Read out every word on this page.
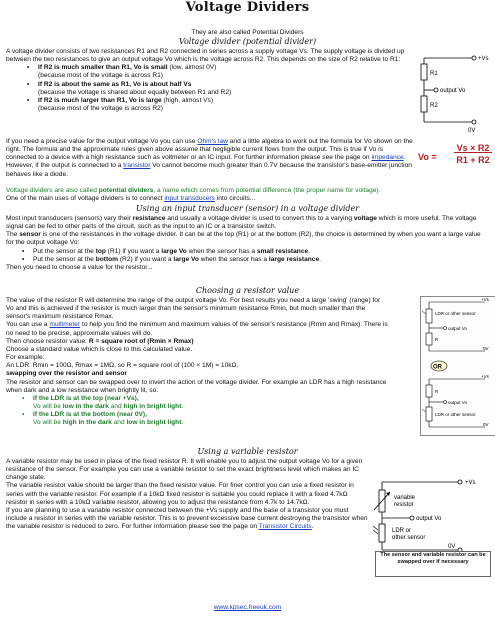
Voltage Dividers
They are also called Potential Dividers
Voltage divider (potential divider)

A voltage divider consists of two resistances R1 and R2 connected in series across a supply voltage Vs. The supply voltage is divided up between the two resistances to give an output voltage Vo which is the voltage across R2. This depends on the size of R2 relative to R1:

• If R2 is much smaller than R1, Vo is small (low, almost 0V)
(because most of the voltage is across R1)
• If R2 is about the same as R1, Vo is about half Vs
(because the voltage is shared about equally between R1 and R2)
• If R2 is much larger than R1, Vo is large (high, almost Vs)
(because most of the voltage is across R2)
If you need a precise value for the output voltage Vo you can use Ohm's law and a little algebra to work out the formula for Vo shown on the right. The formula and the approximate rules given above assume that negligible current flows from the output. This is true if Vo is connected to a device with a high resistance such as voltmeter or an IC input. For further information please see the page on impedance. However, if the output is connected to a transistor Vo cannot become much greater than 0.7V because the transistor's base-emitter junction behaves like a diode.
Voltage dividers are also called potential dividers, a name which comes from potential difference (the proper name for voltage).
One of the main uses of voltage dividers is to connect input transducers into circuits...
+Vs
R1
R2
output Vo
0V
Vo =
Vs × R2
R1 + R2
Using an input transducer (sensor) in a voltage divider

Most input transducers (sensors) vary their resistance and usually a voltage divider is used to convert this to a varying voltage which is more useful. The voltage signal can be fed to other parts of the circuit, such as the input to an IC or a transistor switch.

The sensor is one of the resistances in the voltage divider. It can be at the top (R1) or at the bottom (R2), the choice is determined by when you want a large value for the output voltage Vo:

• Put the sensor at the top (R1) if you want a large Vo when the sensor has a small resistance.
• Put the sensor at the bottom (R2) if you want a large Vo when the sensor has a large resistance.

Then you need to choose a value for the resistor...

Choosing a resistor value

The value of the resistor R will determine the range of the output voltage Vo. For best results you need a large 'swing' (range) for Vo and this is achieved if the resistor is much larger than the sensor's minimum resistance Rmin, but much smaller than the sensor's maximum resistance Rmax.

You can use a multimeter to help you find the minimum and maximum values of the sensor's resistance (Rmin and Rmax). There is no need to be precise, approximate values will do.

Then choose resistor value: R = square root of (Rmin × Rmax)

Choose a standard value which is close to this calculated value.

For example:

An LDR: Rmin = 100Ω, Rmax = 1MΩ, so R = square root of (100 × 1M) = 10kΩ.

swapping over the resistor and sensor

The resistor and sensor can be swapped over to invert the action of the voltage divider. For example an LDR has a high resistance when dark and a low resistance when brightly lit, so:

• If the LDR is at the top (near +Vs),
Vo will be low in the dark and high in bright light.
• If the LDR is at the bottom (near 0V),
Vo will be high in the dark and low in bright light.
+Vs
LDR or other sensor
output Vo
R
0V
OR
+Vs
R
output Vo
LDR or other sensor
0V
Using a variable resistor

A variable resistor may be used in place of the fixed resistor R. It will enable you to adjust the output voltage Vo for a given resistance of the sensor. For example you can use a variable resistor to set the exact brightness level which makes an IC change state.

The variable resistor value should be larger than the fixed resistor value. For finer control you can use a fixed resistor in series with the variable resistor. For example if a 10kΩ fixed resistor is suitable you could replace it with a fixed 4.7kΩ resistor in series with a 10kΩ variable resistor, allowing you to adjust the resistance from 4.7k to 14.7kΩ.

If you are planning to use a variable resistor connected between the +Vs supply and the base of a transistor you must include a resistor in series with the variable resistor. This is to prevent excessive base current destroying the transistor when the variable resistor is reduced to zero. For further information please see the page on Transistor Circuits.

+Vs
variable
resistor
output Vo
LDR or
other sensor
0V
The sensor and variable resistor can be swapped over if necessary
www.kpsec.freeuk.com
